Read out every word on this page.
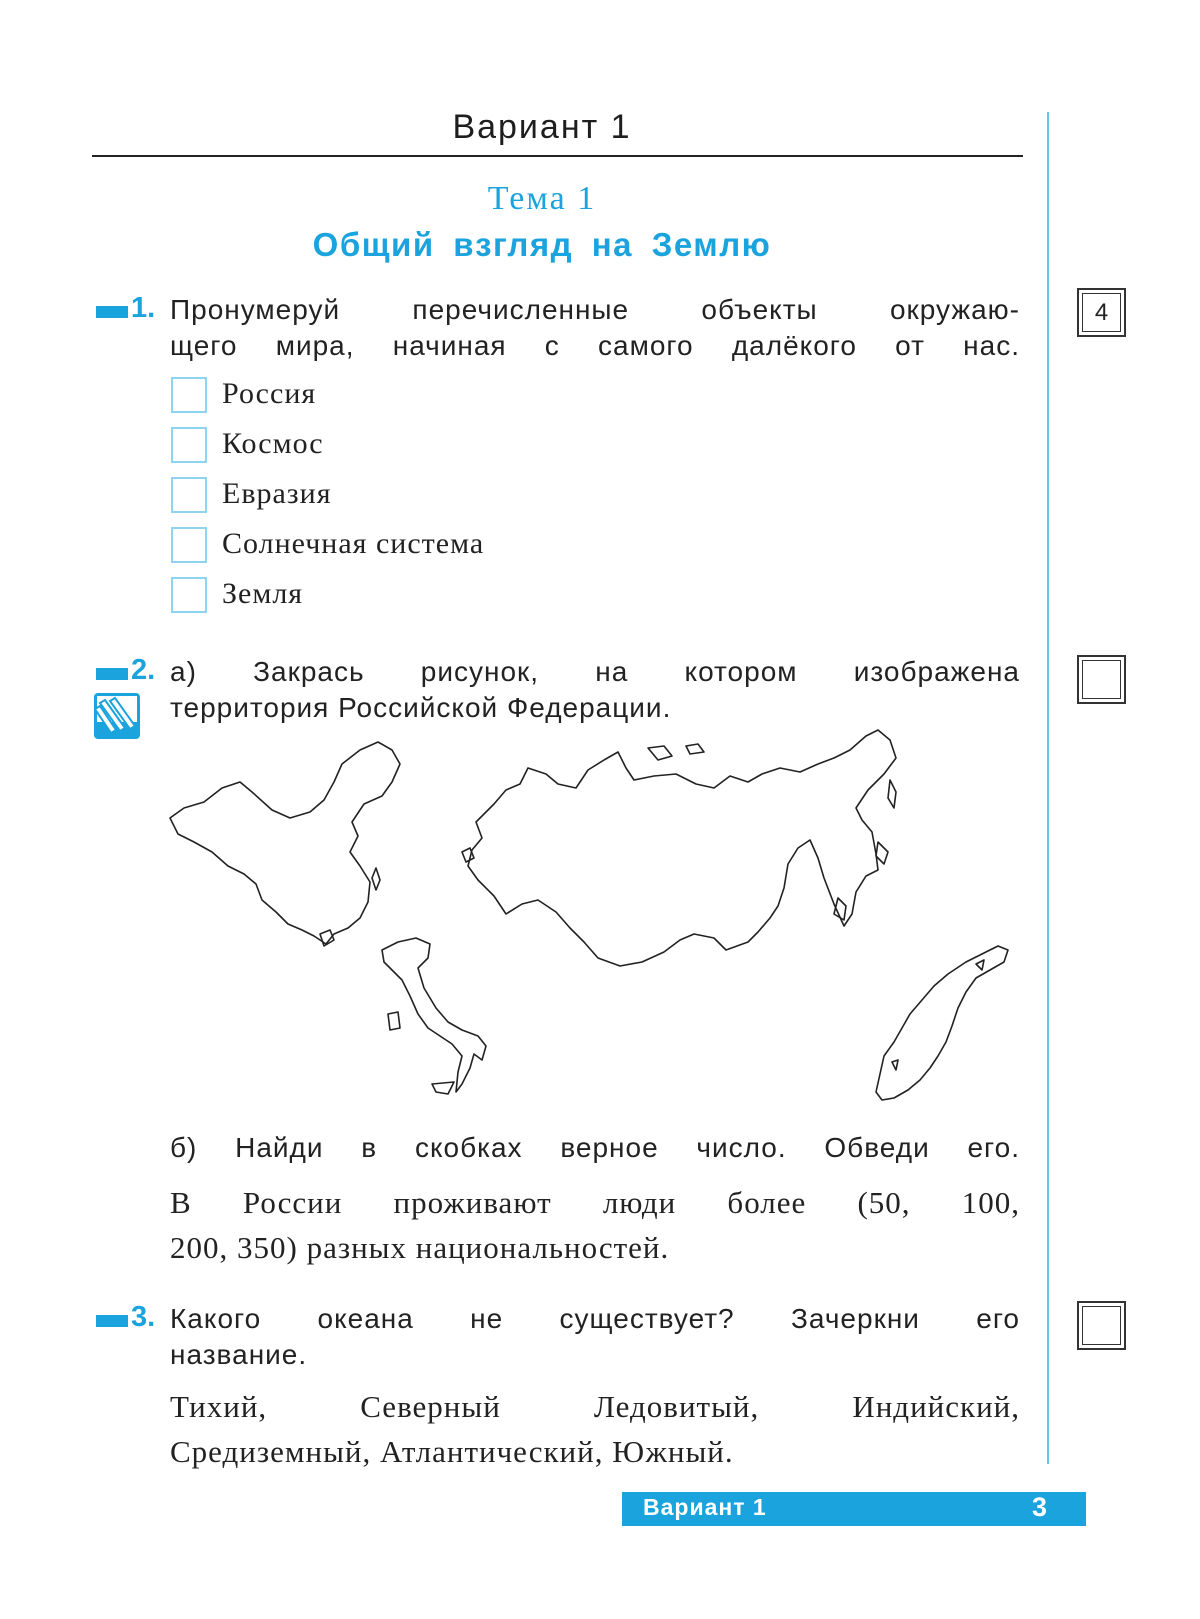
Вариант 1
Тема 1
Общий взгляд на Землю
1. Пронумеруй перечисленные объекты окружаю-
щего мира, начиная с самого далёкого от нас.
4
Россия
Космос
Евразия
Солнечная система
Земля
2. а) Закрась рисунок, на котором изображена
территория Российской Федерации.
б) Найди в скобках верное число. Обведи его.
В России проживают люди более (50, 100,
200, 350) разных национальностей.
3. Какого океана не существует? Зачеркни его
название.
Тихий, Северный Ледовитый, Индийский,
Средиземный, Атлантический, Южный.
Вариант 1	3
